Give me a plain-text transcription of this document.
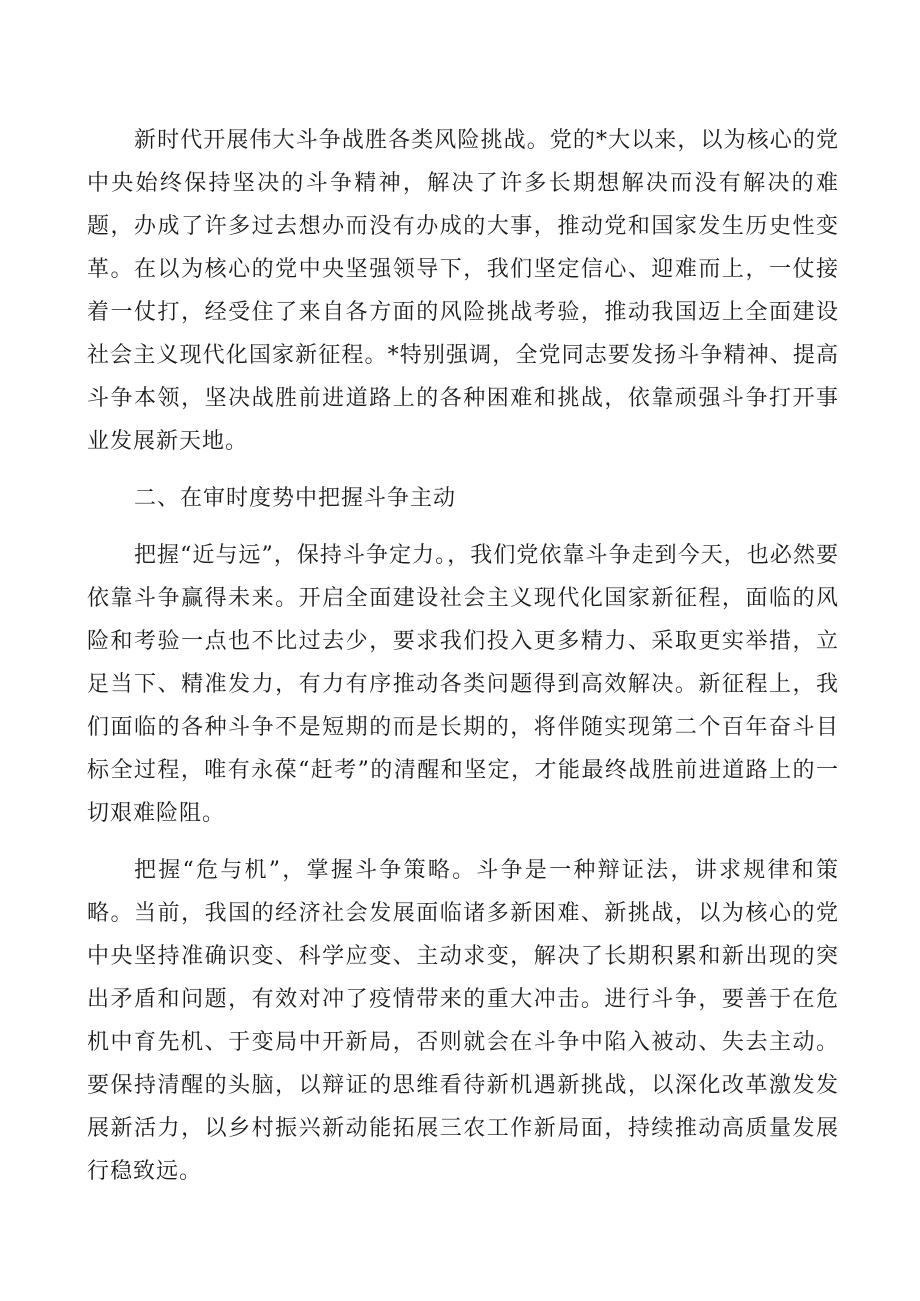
新时代开展伟大斗争战胜各类风险挑战。党的*大以来，以为核心的党中央始终保持坚决的斗争精神，解决了许多长期想解决而没有解决的难题，办成了许多过去想办而没有办成的大事，推动党和国家发生历史性变革。在以为核心的党中央坚强领导下，我们坚定信心、迎难而上，一仗接着一仗打，经受住了来自各方面的风险挑战考验，推动我国迈上全面建设社会主义现代化国家新征程。*特别强调，全党同志要发扬斗争精神、提高斗争本领，坚决战胜前进道路上的各种困难和挑战，依靠顽强斗争打开事业发展新天地。

二、在审时度势中把握斗争主动

把握“近与远”，保持斗争定力。，我们党依靠斗争走到今天，也必然要依靠斗争赢得未来。开启全面建设社会主义现代化国家新征程，面临的风险和考验一点也不比过去少，要求我们投入更多精力、采取更实举措，立足当下、精准发力，有力有序推动各类问题得到高效解决。新征程上，我们面临的各种斗争不是短期的而是长期的，将伴随实现第二个百年奋斗目标全过程，唯有永葆“赶考”的清醒和坚定，才能最终战胜前进道路上的一切艰难险阻。

把握“危与机”，掌握斗争策略。斗争是一种辩证法，讲求规律和策略。当前，我国的经济社会发展面临诸多新困难、新挑战，以为核心的党中央坚持准确识变、科学应变、主动求变，解决了长期积累和新出现的突出矛盾和问题，有效对冲了疫情带来的重大冲击。进行斗争，要善于在危机中育先机、于变局中开新局，否则就会在斗争中陷入被动、失去主动。要保持清醒的头脑，以辩证的思维看待新机遇新挑战，以深化改革激发发展新活力，以乡村振兴新动能拓展三农工作新局面，持续推动高质量发展行稳致远。
